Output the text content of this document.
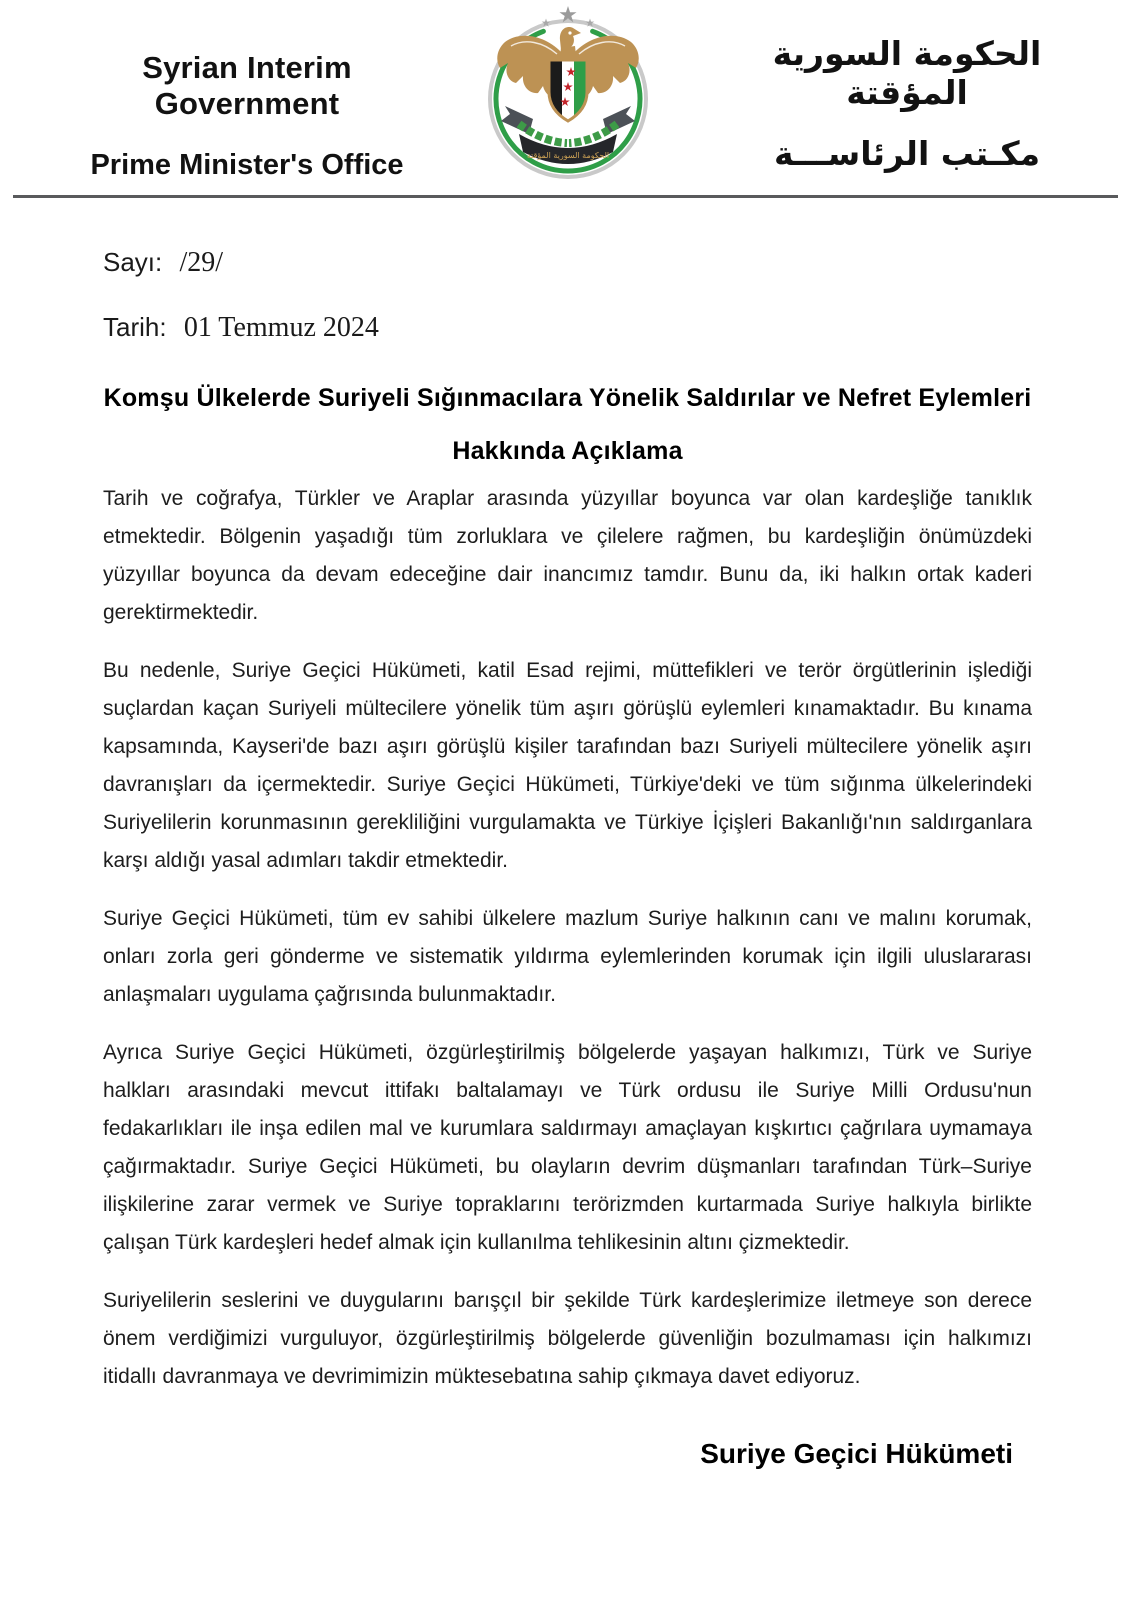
Syrian Interim Government
Prime Minister's Office	الحكومة السورية المؤقتة
الحكومة السورية المؤقتة
مكـتب الرئاســـة
Sayı: /29/
Tarih: 01 Temmuz 2024
Komşu Ülkelerde Suriyeli Sığınmacılara Yönelik Saldırılar ve Nefret Eylemleri
Hakkında Açıklama

Tarih ve coğrafya, Türkler ve Araplar arasında yüzyıllar boyunca var olan kardeşliğe tanıklık etmektedir. Bölgenin yaşadığı tüm zorluklara ve çilelere rağmen, bu kardeşliğin önümüzdeki yüzyıllar boyunca da devam edeceğine dair inancımız tamdır. Bunu da, iki halkın ortak kaderi gerektirmektedir.

Bu nedenle, Suriye Geçici Hükümeti, katil Esad rejimi, müttefikleri ve terör örgütlerinin işlediği suçlardan kaçan Suriyeli mültecilere yönelik tüm aşırı görüşlü eylemleri kınamaktadır. Bu kınama kapsamında, Kayseri'de bazı aşırı görüşlü kişiler tarafından bazı Suriyeli mültecilere yönelik aşırı davranışları da içermektedir. Suriye Geçici Hükümeti, Türkiye'deki ve tüm sığınma ülkelerindeki Suriyelilerin korunmasının gerekliliğini vurgulamakta ve Türkiye İçişleri Bakanlığı'nın saldırganlara karşı aldığı yasal adımları takdir etmektedir.

Suriye Geçici Hükümeti, tüm ev sahibi ülkelere mazlum Suriye halkının canı ve malını korumak, onları zorla geri gönderme ve sistematik yıldırma eylemlerinden korumak için ilgili uluslararası anlaşmaları uygulama çağrısında bulunmaktadır.

Ayrıca Suriye Geçici Hükümeti, özgürleştirilmiş bölgelerde yaşayan halkımızı, Türk ve Suriye halkları arasındaki mevcut ittifakı baltalamayı ve Türk ordusu ile Suriye Milli Ordusu'nun fedakarlıkları ile inşa edilen mal ve kurumlara saldırmayı amaçlayan kışkırtıcı çağrılara uymamaya çağırmaktadır. Suriye Geçici Hükümeti, bu olayların devrim düşmanları tarafından Türk–Suriye ilişkilerine zarar vermek ve Suriye topraklarını terörizmden kurtarmada Suriye halkıyla birlikte çalışan Türk kardeşleri hedef almak için kullanılma tehlikesinin altını çizmektedir.

Suriyelilerin seslerini ve duygularını barışçıl bir şekilde Türk kardeşlerimize iletmeye son derece önem verdiğimizi vurguluyor, özgürleştirilmiş bölgelerde güvenliğin bozulmaması için halkımızı itidallı davranmaya ve devrimimizin müktesebatına sahip çıkmaya davet ediyoruz.

Suriye Geçici Hükümeti
